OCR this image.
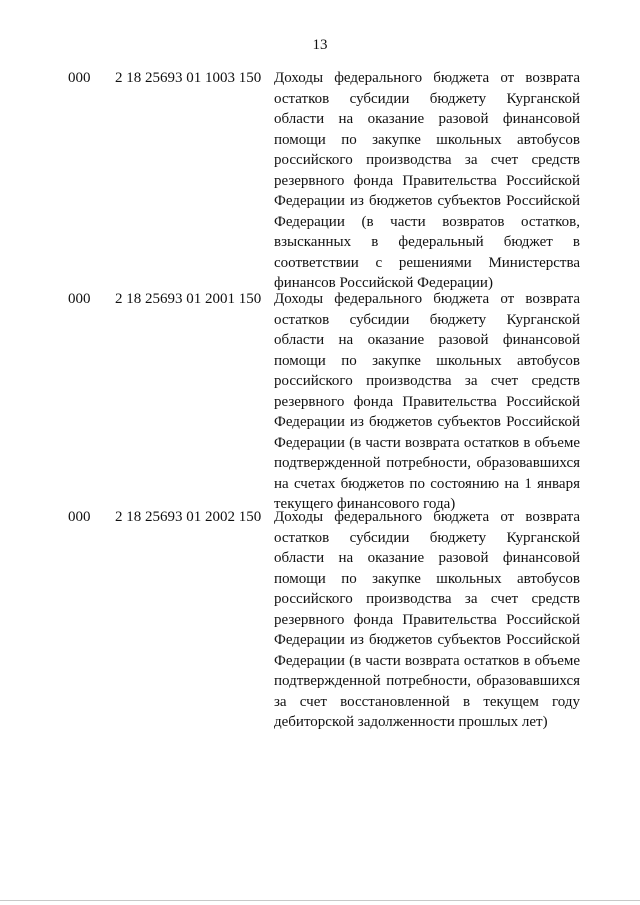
13
000 2 18 25693 01 1003 150 Доходы федерального бюджета от возврата
остатков субсидии бюджету Курганской
области на оказание разовой финансовой
помощи по закупке школьных автобусов
российского производства за счет средств
резервного фонда Правительства Российской
Федерации из бюджетов субъектов Российской
Федерации (в части возвратов остатков,
взысканных в федеральный бюджет в
соответствии с решениями Министерства
финансов Российской Федерации)
000 2 18 25693 01 2001 150 Доходы федерального бюджета от возврата
остатков субсидии бюджету Курганской
области на оказание разовой финансовой
помощи по закупке школьных автобусов
российского производства за счет средств
резервного фонда Правительства Российской
Федерации из бюджетов субъектов Российской
Федерации (в части возврата остатков в объеме
подтвержденной потребности, образовавшихся
на счетах бюджетов по состоянию на 1 января
текущего финансового года)
000 2 18 25693 01 2002 150 Доходы федерального бюджета от возврата
остатков субсидии бюджету Курганской
области на оказание разовой финансовой
помощи по закупке школьных автобусов
российского производства за счет средств
резервного фонда Правительства Российской
Федерации из бюджетов субъектов Российской
Федерации (в части возврата остатков в объеме
подтвержденной потребности, образовавшихся
за счет восстановленной в текущем году
дебиторской задолженности прошлых лет)
